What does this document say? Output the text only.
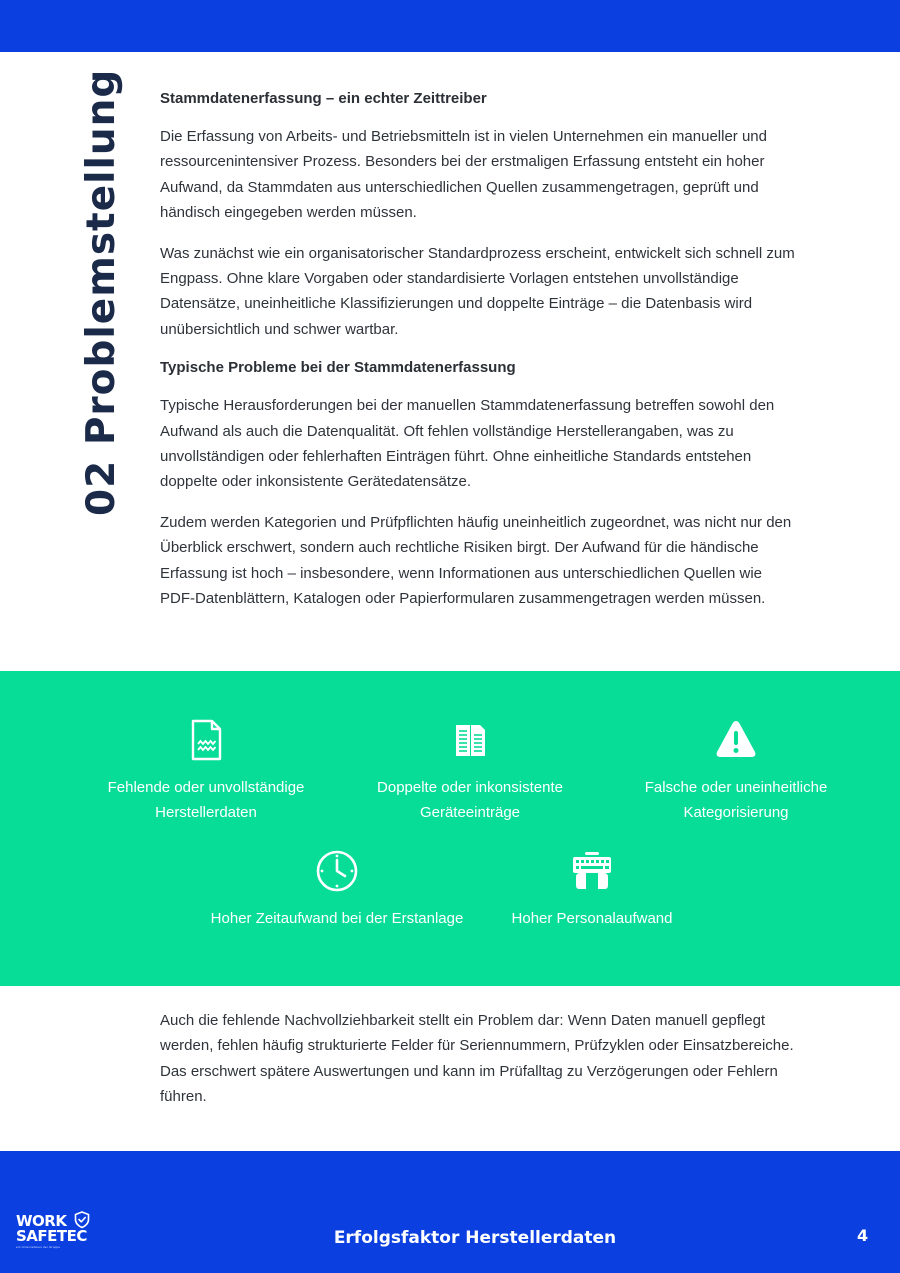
02 Problemstellung	Stammdatenerfassung – ein echter Zeittreiber

Die Erfassung von Arbeits- und Betriebsmitteln ist in vielen Unternehmen ein manueller und ressourcenintensiver Prozess. Besonders bei der erstmaligen Erfassung entsteht ein hoher Aufwand, da Stammdaten aus unterschiedlichen Quellen zusammengetragen, geprüft und händisch eingegeben werden müssen.

Was zunächst wie ein organisatorischer Standardprozess erscheint, entwickelt sich schnell zum Engpass. Ohne klare Vorgaben oder standardisierte Vorlagen entstehen unvollständige Datensätze, uneinheitliche Klassifizierungen und doppelte Einträge – die Datenbasis wird unübersichtlich und schwer wartbar.

Typische Probleme bei der Stammdatenerfassung

Typische Herausforderungen bei der manuellen Stammdatenerfassung betreffen sowohl den Aufwand als auch die Datenqualität. Oft fehlen vollständige Herstellerangaben, was zu unvollständigen oder fehlerhaften Einträgen führt. Ohne einheitliche Standards entstehen doppelte oder inkonsistente Gerätedatensätze.

Zudem werden Kategorien und Prüfpflichten häufig uneinheitlich zugeordnet, was nicht nur den Überblick erschwert, sondern auch rechtliche Risiken birgt. Der Aufwand für die händische Erfassung ist hoch – insbesondere, wenn Informationen aus unterschiedlichen Quellen wie PDF-Datenblättern, Katalogen oder Papierformularen zusammengetragen werden müssen.

Fehlende oder unvollständige Herstellerdaten
Doppelte oder inkonsistente Geräteeinträge
Falsche oder uneinheitliche Kategorisierung
Hoher Zeitaufwand bei der Erstanlage	Hoher Personalaufwand

Auch die fehlende Nachvollziehbarkeit stellt ein Problem dar: Wenn Daten manuell gepflegt werden, fehlen häufig strukturierte Felder für Seriennummern, Prüfzyklen oder Einsatzbereiche. Das erschwert spätere Auswertungen und kann im Prüfalltag zu Verzögerungen oder Fehlern führen.

WORK
SAFETEC
ein Unternehmen der Gruppe	Erfolgsfaktor Herstellerdaten	4
